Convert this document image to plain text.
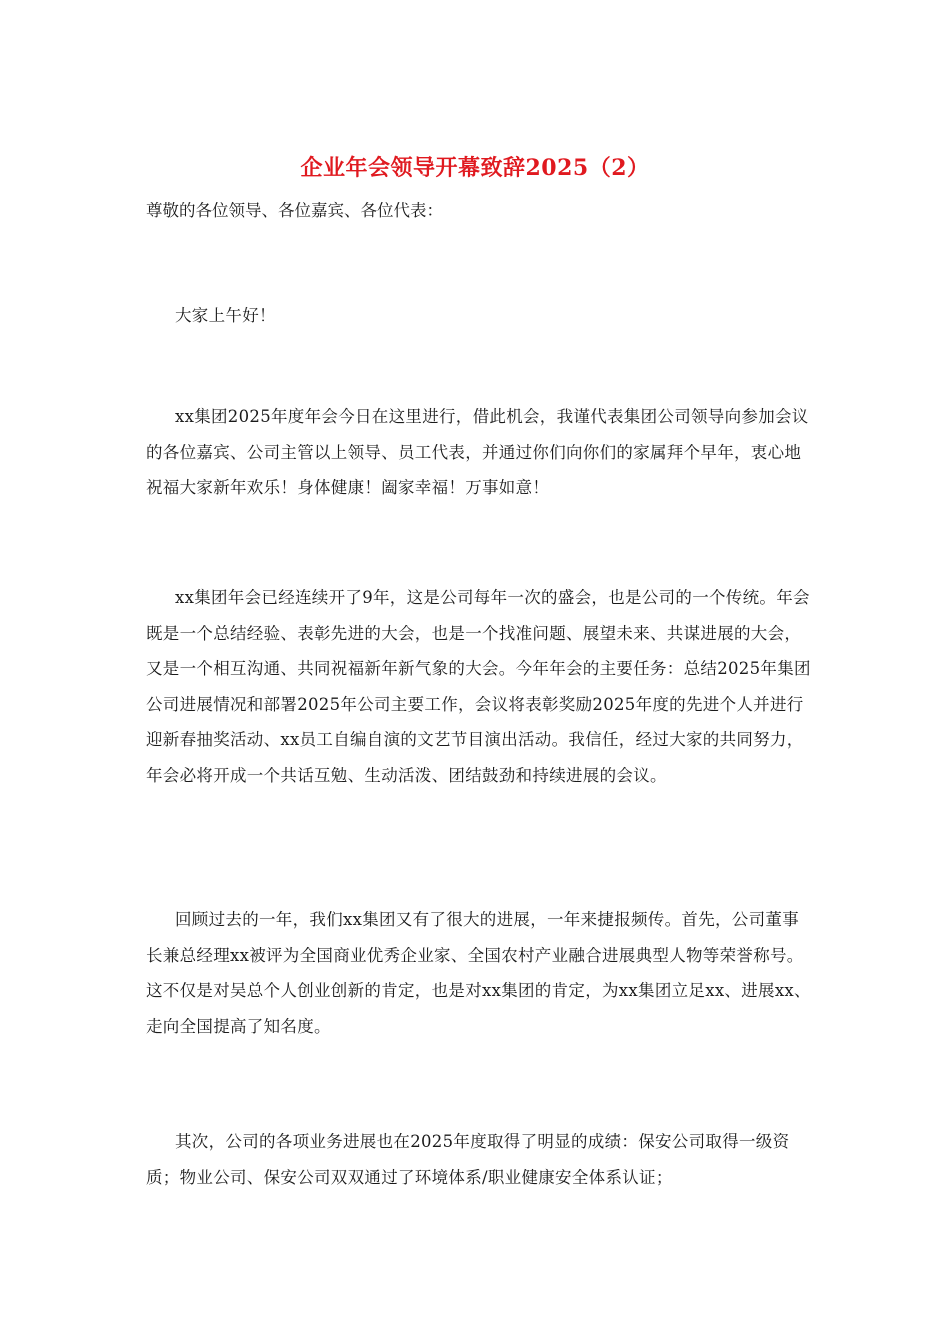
企业年会领导开幕致辞2025（2）
尊敬的各位领导、各位嘉宾、各位代表：
大家上午好！
xx集团2025年度年会今日在这里进行，借此机会，我谨代表集团公司领导向参加会议的各位嘉宾、公司主管以上领导、员工代表，并通过你们向你们的家属拜个早年，衷心地祝福大家新年欢乐！身体健康！阖家幸福！万事如意！
xx集团年会已经连续开了9年，这是公司每年一次的盛会，也是公司的一个传统。年会既是一个总结经验、表彰先进的大会，也是一个找准问题、展望未来、共谋进展的大会，又是一个相互沟通、共同祝福新年新气象的大会。今年年会的主要任务：总结2025年集团公司进展情况和部署2025年公司主要工作，会议将表彰奖励2025年度的先进个人并进行迎新春抽奖活动、xx员工自编自演的文艺节目演出活动。我信任，经过大家的共同努力，年会必将开成一个共话互勉、生动活泼、团结鼓劲和持续进展的会议。
回顾过去的一年，我们xx集团又有了很大的进展，一年来捷报频传。首先，公司董事长兼总经理xx被评为全国商业优秀企业家、全国农村产业融合进展典型人物等荣誉称号。这不仅是对吴总个人创业创新的肯定，也是对xx集团的肯定，为xx集团立足xx、进展xx、走向全国提高了知名度。
其次，公司的各项业务进展也在2025年度取得了明显的成绩：保安公司取得一级资质；物业公司、保安公司双双通过了环境体系/职业健康安全体系认证；
